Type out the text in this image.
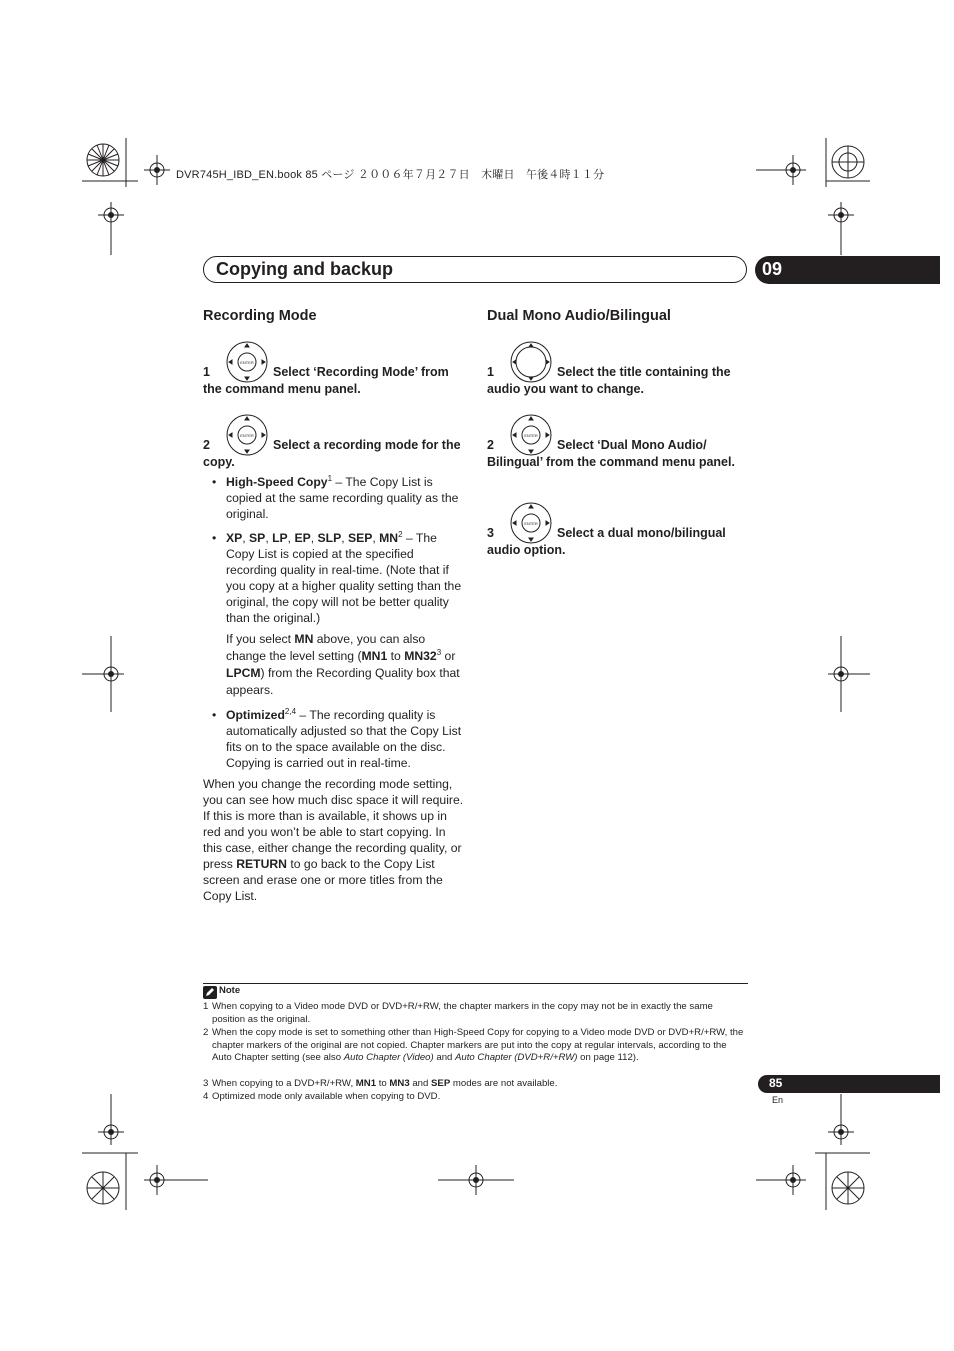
DVR745H_IBD_EN.book 85 ページ ２００６年７月２７日　木曜日　午後４時１１分
Copying and backup	09
Recording Mode
ENTER
1	Select ‘Recording Mode’ from the command menu panel.
ENTER
2	Select a recording mode for the copy.
• High-Speed Copy$^1$ – The Copy List is copied at the same recording quality as the original.
• XP, SP, LP, EP, SLP, SEP, $MN^2$ – The Copy List is copied at the specified recording quality in real-time. (Note that if you copy at a higher quality setting than the original, the copy will not be better quality than the original.)
If you select MN above, you can also change the level setting (MN1 to $MN32^3$ or LPCM) from the Recording Quality box that appears.
• Optimized$^{2,4}$ – The recording quality is automatically adjusted so that the Copy List fits on to the space available on the disc. Copying is carried out in real-time.
When you change the recording mode setting, you can see how much disc space it will require. If this is more than is available, it shows up in red and you won’t be able to start copying. In this case, either change the recording quality, or press RETURN to go back to the Copy List screen and erase one or more titles from the Copy List.
Dual Mono Audio/Bilingual
1	Select the title containing the audio you want to change.
ENTER
2	Select ‘Dual Mono Audio/ Bilingual’ from the command menu panel.
ENTER
3	Select a dual mono/bilingual audio option.
Note
1 When copying to a Video mode DVD or DVD+R/+RW, the chapter markers in the copy may not be in exactly the same position as the original.
2 When the copy mode is set to something other than High-Speed Copy for copying to a Video mode DVD or DVD+R/+RW, the chapter markers of the original are not copied. Chapter markers are put into the copy at regular intervals, according to the Auto Chapter setting (see also Auto Chapter (Video) and Auto Chapter (DVD+R/+RW) on page 112).
3 When copying to a DVD+R/+RW, MN1 to MN3 and SEP modes are not available.
4 Optimized mode only available when copying to DVD.
85
En
